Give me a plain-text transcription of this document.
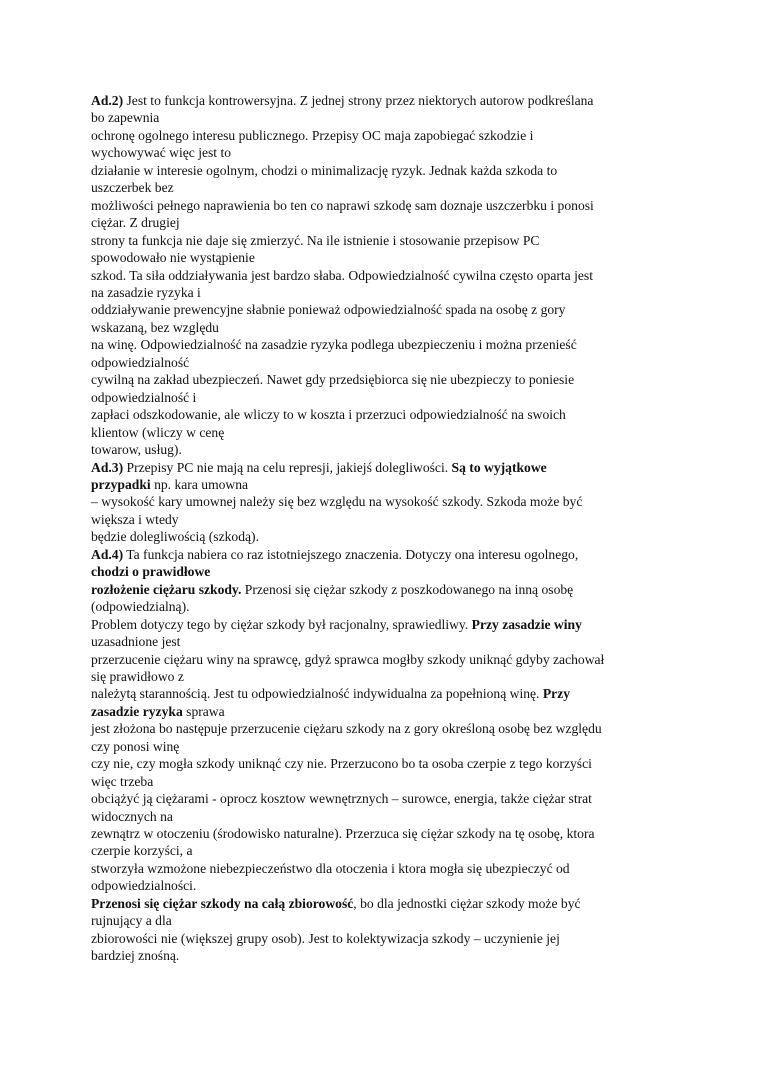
Ad.2) Jest to funkcja kontrowersyjna. Z jednej strony przez niektorych autorow podkreślana
bo zapewnia
ochronę ogolnego interesu publicznego. Przepisy OC maja zapobiegać szkodzie i
wychowywać więc jest to
działanie w interesie ogolnym, chodzi o minimalizację ryzyk. Jednak każda szkoda to
uszczerbek bez
możliwości pełnego naprawienia bo ten co naprawi szkodę sam doznaje uszczerbku i ponosi
ciężar. Z drugiej
strony ta funkcja nie daje się zmierzyć. Na ile istnienie i stosowanie przepisow PC
spowodowało nie wystąpienie
szkod. Ta siła oddziaływania jest bardzo słaba. Odpowiedzialność cywilna często oparta jest
na zasadzie ryzyka i
oddziaływanie prewencyjne słabnie ponieważ odpowiedzialność spada na osobę z gory
wskazaną, bez względu
na winę. Odpowiedzialność na zasadzie ryzyka podlega ubezpieczeniu i można przenieść
odpowiedzialność
cywilną na zakład ubezpieczeń. Nawet gdy przedsiębiorca się nie ubezpieczy to poniesie
odpowiedzialność i
zapłaci odszkodowanie, ale wliczy to w koszta i przerzuci odpowiedzialność na swoich
klientow (wliczy w cenę
towarow, usług).
Ad.3) Przepisy PC nie mają na celu represji, jakiejś dolegliwości. Są to wyjątkowe
przypadki np. kara umowna
– wysokość kary umownej należy się bez względu na wysokość szkody. Szkoda może być
większa i wtedy
będzie dolegliwością (szkodą).
Ad.4) Ta funkcja nabiera co raz istotniejszego znaczenia. Dotyczy ona interesu ogolnego,
chodzi o prawidłowe
rozłożenie ciężaru szkody. Przenosi się ciężar szkody z poszkodowanego na inną osobę
(odpowiedzialną).
Problem dotyczy tego by ciężar szkody był racjonalny, sprawiedliwy. Przy zasadzie winy
uzasadnione jest
przerzucenie ciężaru winy na sprawcę, gdyż sprawca mogłby szkody uniknąć gdyby zachował
się prawidłowo z
należytą starannością. Jest tu odpowiedzialność indywidualna za popełnioną winę. Przy
zasadzie ryzyka sprawa
jest złożona bo następuje przerzucenie ciężaru szkody na z gory określoną osobę bez względu
czy ponosi winę
czy nie, czy mogła szkody uniknąć czy nie. Przerzucono bo ta osoba czerpie z tego korzyści
więc trzeba
obciążyć ją ciężarami - oprocz kosztow wewnętrznych – surowce, energia, także ciężar strat
widocznych na
zewnątrz w otoczeniu (środowisko naturalne). Przerzuca się ciężar szkody na tę osobę, ktora
czerpie korzyści, a
stworzyła wzmożone niebezpieczeństwo dla otoczenia i ktora mogła się ubezpieczyć od
odpowiedzialności.
Przenosi się ciężar szkody na całą zbiorowość, bo dla jednostki ciężar szkody może być
rujnujący a dla
zbiorowości nie (większej grupy osob). Jest to kolektywizacja szkody – uczynienie jej
bardziej znośną.
